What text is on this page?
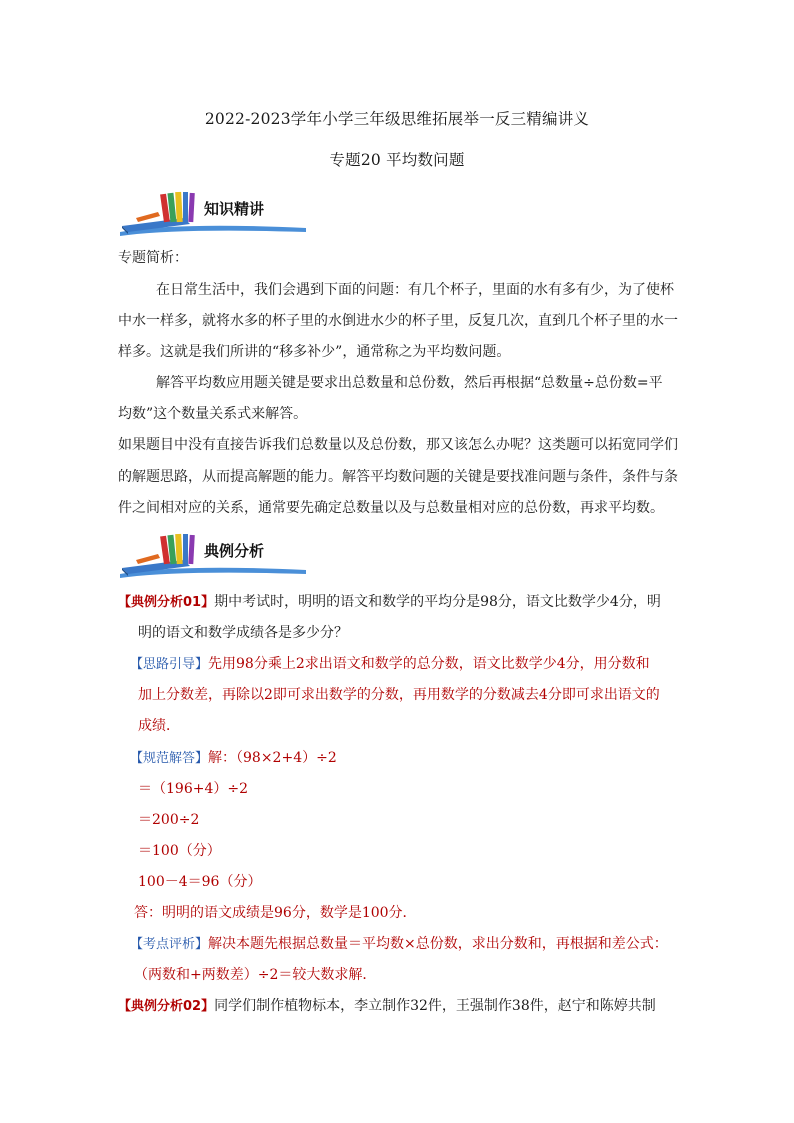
2022-2023学年小学三年级思维拓展举一反三精编讲义
专题20 平均数问题
知识精讲
专题简析：
在日常生活中，我们会遇到下面的问题：有几个杯子，里面的水有多有少，为了使杯
中水一样多，就将水多的杯子里的水倒进水少的杯子里，反复几次，直到几个杯子里的水一
样多。这就是我们所讲的“移多补少”，通常称之为平均数问题。
解答平均数应用题关键是要求出总数量和总份数，然后再根据“总数量÷总份数=平
均数”这个数量关系式来解答。
如果题目中没有直接告诉我们总数量以及总份数，那又该怎么办呢？这类题可以拓宽同学们
的解题思路，从而提高解题的能力。解答平均数问题的关键是要找准问题与条件，条件与条
件之间相对应的关系，通常要先确定总数量以及与总数量相对应的总份数，再求平均数。
典例分析
【典例分析01】期中考试时，明明的语文和数学的平均分是98分，语文比数学少4分，明
明的语文和数学成绩各是多少分？
【思路引导】先用98分乘上2求出语文和数学的总分数，语文比数学少4分，用分数和
加上分数差，再除以2即可求出数学的分数，再用数学的分数减去4分即可求出语文的
成绩．
【规范解答】解：（98×2+4）÷2
＝（196+4）÷2
＝200÷2
＝100（分）
100－4＝96（分）
答：明明的语文成绩是96分，数学是100分．
【考点评析】解决本题先根据总数量＝平均数×总份数，求出分数和，再根据和差公式：
（两数和+两数差）÷2＝较大数求解．
【典例分析02】同学们制作植物标本，李立制作32件，王强制作38件，赵宁和陈婷共制
